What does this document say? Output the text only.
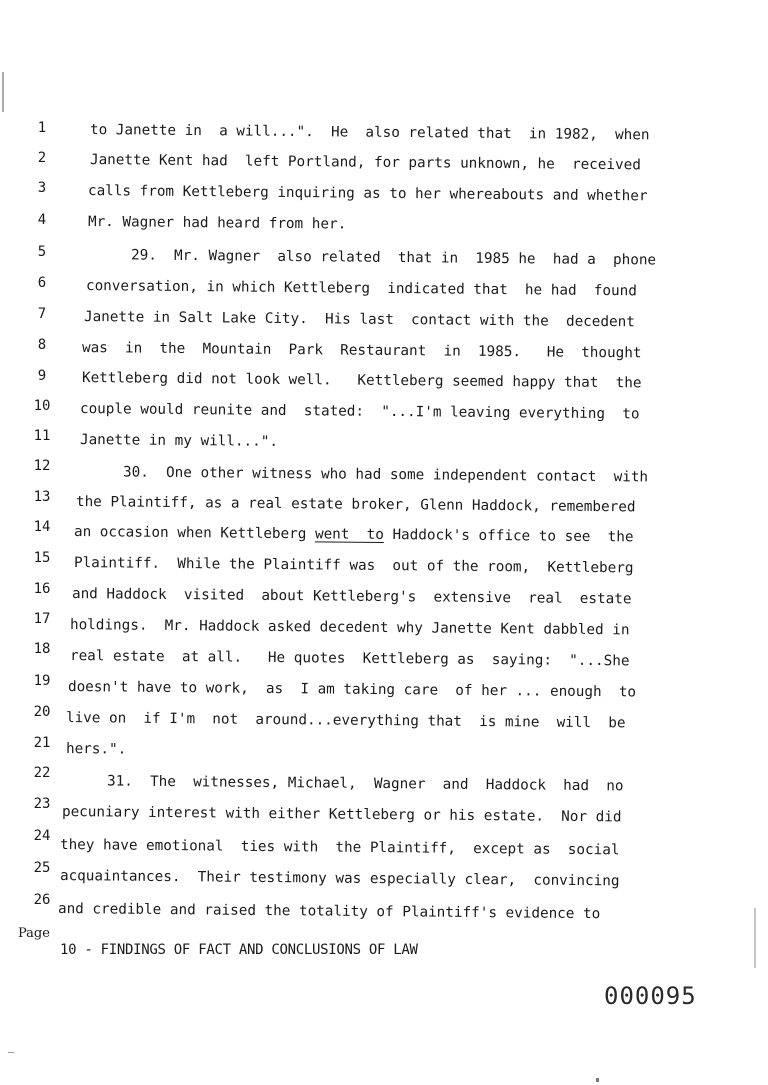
1
2
3
4
5
6
7
8
9
10
11
12
13
14
15
16
17
18
19
20
21
22
23
24
25
26
to Janette in  a will...".  He  also related that  in 1982,  when
Janette Kent had  left Portland, for parts unknown, he  received
calls from Kettleberg inquiring as to her whereabouts and whether
Mr. Wagner had heard from her.
29.  Mr. Wagner  also related  that in  1985 he  had a  phone
conversation, in which Kettleberg  indicated that  he had  found
Janette in Salt Lake City.  His last  contact with the  decedent
was  in  the  Mountain  Park  Restaurant  in  1985.   He  thought
Kettleberg did not look well.   Kettleberg seemed happy that  the
couple would reunite and  stated:  "...I'm leaving everything  to
Janette in my will...".
30.  One other witness who had some independent contact  with
the Plaintiff, as a real estate broker, Glenn Haddock, remembered
an occasion when Kettleberg went  to Haddock's office to see  the
Plaintiff.  While the Plaintiff was  out of the room,  Kettleberg
and Haddock  visited  about Kettleberg's  extensive  real  estate
holdings.  Mr. Haddock asked decedent why Janette Kent dabbled in
real estate  at all.   He quotes  Kettleberg as  saying:  "...She
doesn't have to work,  as  I am taking care  of her ... enough  to
live on  if I'm  not  around...everything that  is mine  will  be
hers.".
31.  The  witnesses, Michael,  Wagner  and  Haddock  had  no
pecuniary interest with either Kettleberg or his estate.  Nor did
they have emotional  ties with  the Plaintiff,  except as  social
acquaintances.  Their testimony was especially clear,  convincing
and credible and raised the totality of Plaintiff's evidence to
Page
10 - FINDINGS OF FACT AND CONCLUSIONS OF LAW
000095
